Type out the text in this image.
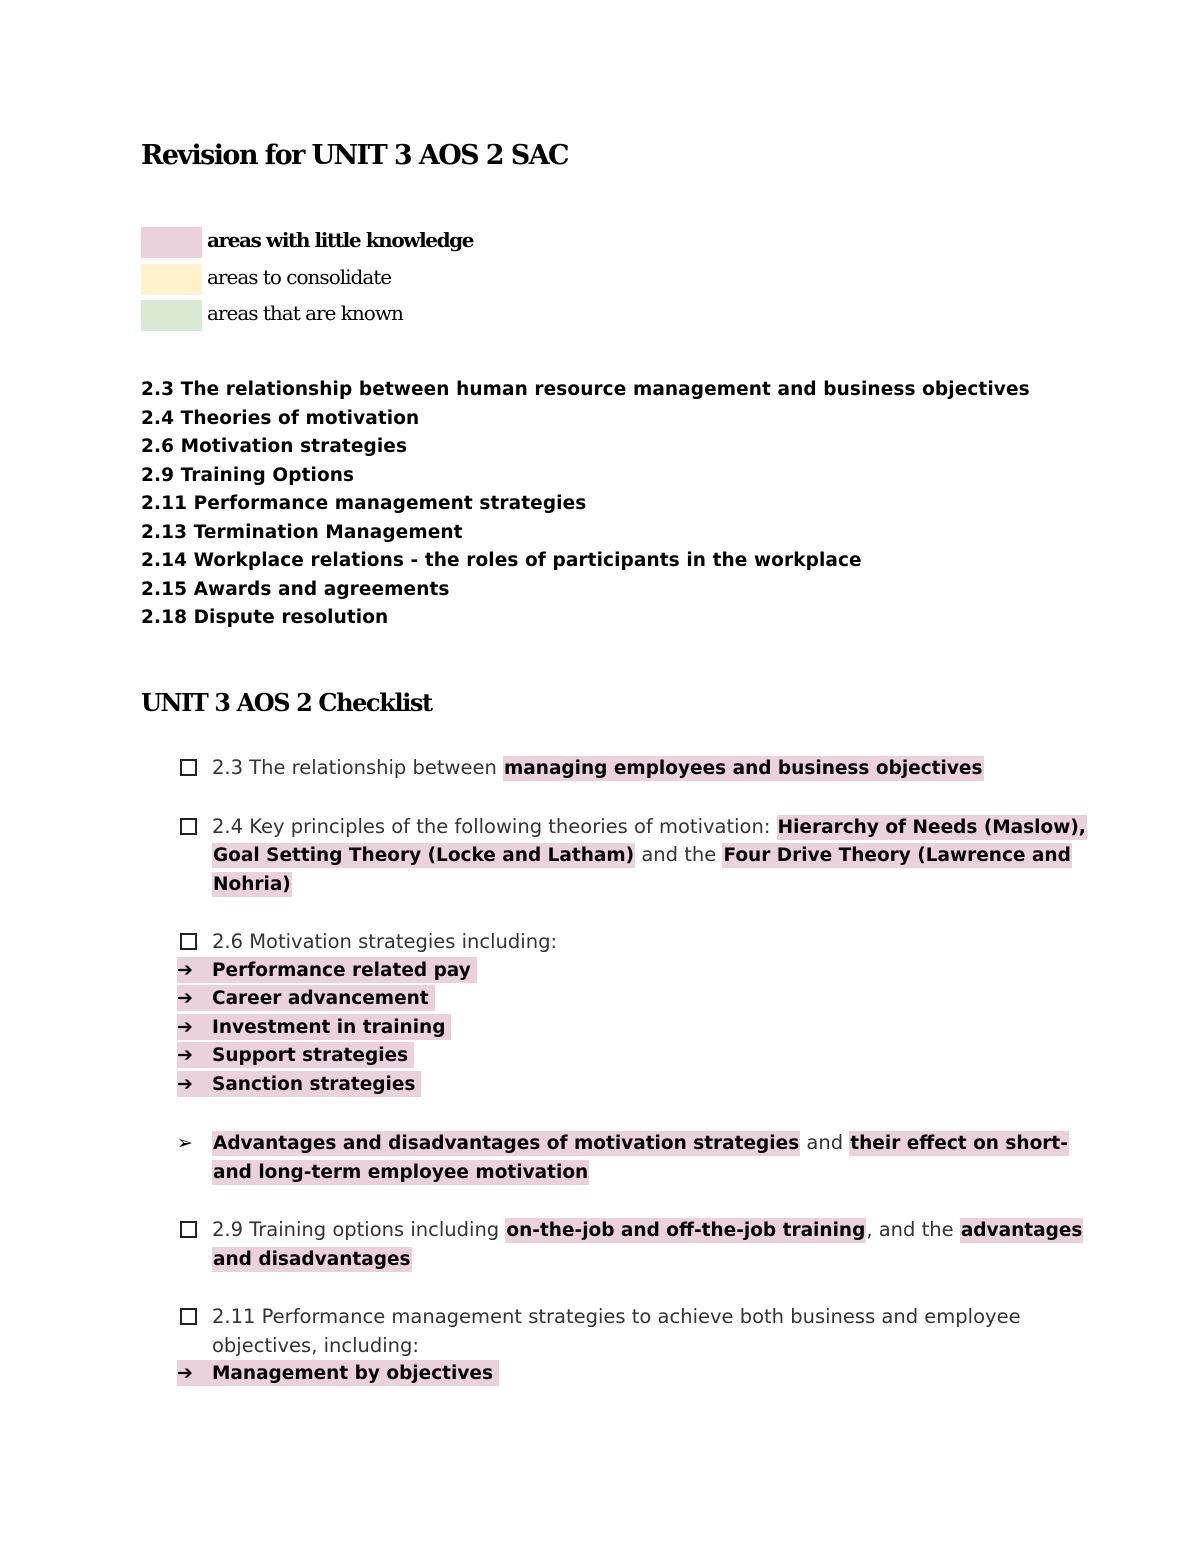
Revision for UNIT 3 AOS 2 SAC
areas with little knowledge
areas to consolidate
areas that are known
2.3 The relationship between human resource management and business objectives
2.4 Theories of motivation
2.6 Motivation strategies
2.9 Training Options
2.11 Performance management strategies
2.13 Termination Management
2.14 Workplace relations - the roles of participants in the workplace
2.15 Awards and agreements
2.18 Dispute resolution
UNIT 3 AOS 2 Checklist
2.3 The relationship between managing employees and business objectives
2.4 Key principles of the following theories of motivation: Hierarchy of Needs (Maslow),
Goal Setting Theory (Locke and Latham) and the Four Drive Theory (Lawrence and
Nohria)
2.6 Motivation strategies including:
➔ Performance related pay
➔ Career advancement
➔ Investment in training
➔ Support strategies
➔ Sanction strategies
➢ Advantages and disadvantages of motivation strategies and their effect on short-
and long-term employee motivation
2.9 Training options including on-the-job and off-the-job training, and the advantages
and disadvantages
2.11 Performance management strategies to achieve both business and employee
objectives, including:
➔ Management by objectives
